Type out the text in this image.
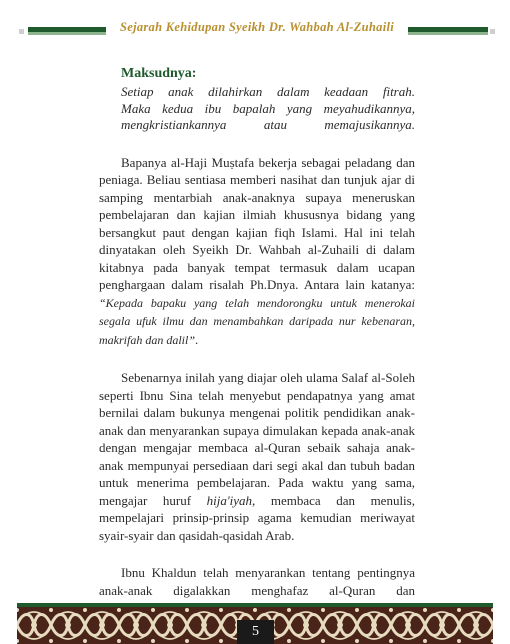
Sejarah Kehidupan Syeikh Dr. Wahbah Al-Zuhaili
Maksudnya:
Setiap anak dilahirkan dalam keadaan fitrah.
Maka kedua ibu bapalah yang meyahudikannya,
mengkristiankannya atau memajusikannya.

Bapanya al-Haji Muṣtafa bekerja sebagai peladang dan peniaga. Beliau sentiasa memberi nasihat dan tunjuk ajar di samping mentarbiah anak-anaknya supaya meneruskan pembelajaran dan kajian ilmiah khususnya bidang yang bersangkut paut dengan kajian fiqh Islami. Hal ini telah dinyatakan oleh Syeikh Dr. Wahbah al-Zuhaili di dalam kitabnya pada banyak tempat termasuk dalam ucapan penghargaan dalam risalah Ph.Dnya. Antara lain katanya: “Kepada bapaku yang telah mendorongku untuk menerokai segala ufuk ilmu dan menambahkan daripada nur kebenaran, makrifah dan dalil”.

Sebenarnya inilah yang diajar oleh ulama Salaf al-Soleh seperti Ibnu Sina telah menyebut pendapatnya yang amat bernilai dalam bukunya mengenai politik pendidikan anak-anak dan menyarankan supaya dimulakan kepada anak-anak dengan mengajar membaca al-Quran sebaik sahaja anak-anak mempunyai persediaan dari segi akal dan tubuh badan untuk menerima pembelajaran. Pada waktu yang sama, mengajar huruf hija'iyah, membaca dan menulis, mempelajari prinsip-prinsip agama kemudian meriwayat syair-syair dan qasidah-qasidah Arab.

Ibnu Khaldun telah menyarankan tentang pentingnya anak-anak digalakkan menghafaz al-Quran dan

5
